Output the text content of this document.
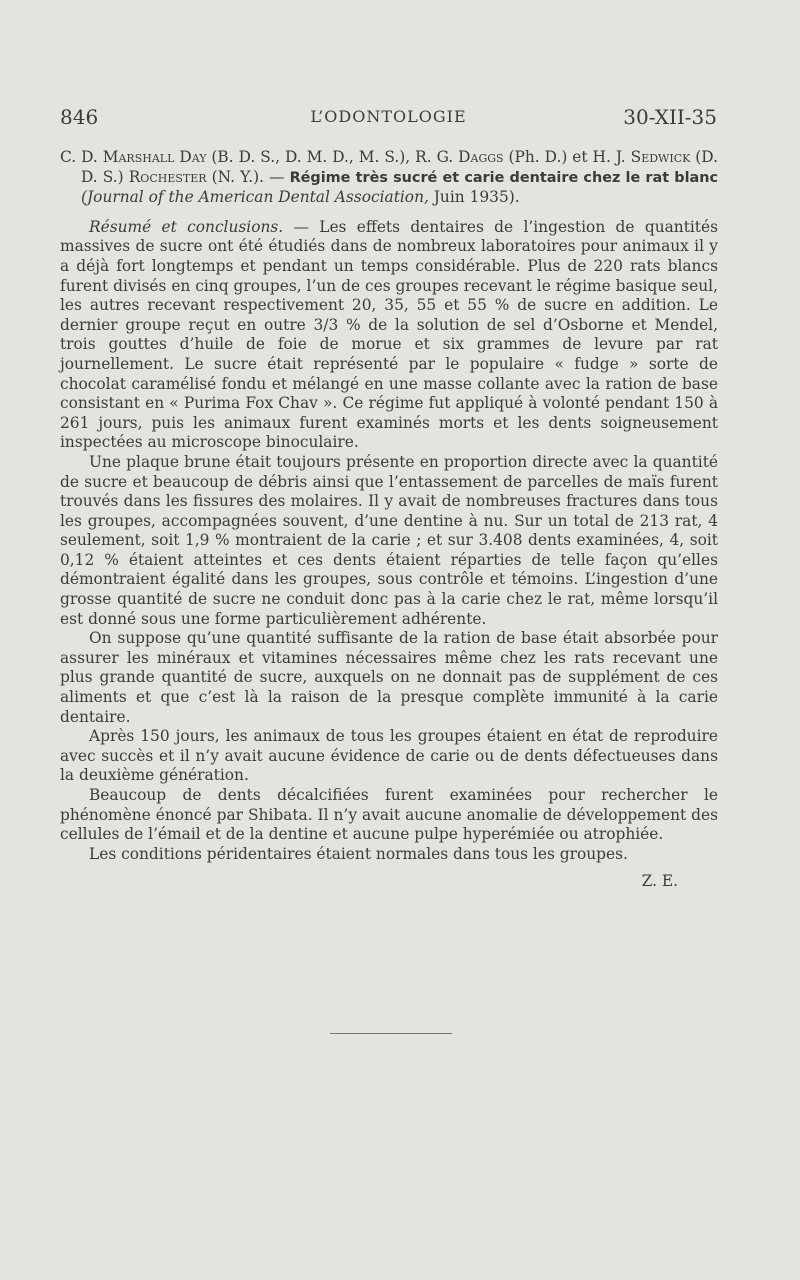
846	L’ODONTOLOGIE	30-XII-35

C. D. Marshall Day (B. D. S., D. M. D., M. S.), R. G. Daggs (Ph. D.) et H. J. Sedwick (D. D. S.) Rochester (N. Y.). — Régime très sucré et carie dentaire chez le rat blanc (Journal of the American Dental Association, Juin 1935).

Résumé et conclusions. — Les effets dentaires de l’ingestion de quantités massives de sucre ont été étudiés dans de nombreux laboratoires pour animaux il y a déjà fort longtemps et pendant un temps considérable. Plus de 220 rats blancs furent divisés en cinq groupes, l’un de ces groupes recevant le régime basique seul, les autres recevant respectivement 20, 35, 55 et 55 % de sucre en addition. Le dernier groupe reçut en outre 3/3 % de la solution de sel d’Osborne et Mendel, trois gouttes d’huile de foie de morue et six grammes de levure par rat journellement. Le sucre était représenté par le populaire « fudge » sorte de chocolat caramélisé fondu et mélangé en une masse collante avec la ration de base consistant en « Purima Fox Chav ». Ce régime fut appliqué à volonté pendant 150 à 261 jours, puis les animaux furent examinés morts et les dents soigneusement inspectées au microscope binoculaire.

Une plaque brune était toujours présente en proportion directe avec la quantité de sucre et beaucoup de débris ainsi que l’entassement de parcelles de maïs furent trouvés dans les fissures des molaires. Il y avait de nombreuses fractures dans tous les groupes, accompagnées souvent, d’une dentine à nu. Sur un total de 213 rat, 4 seulement, soit 1,9 % montraient de la carie ; et sur 3.408 dents examinées, 4, soit 0,12 % étaient atteintes et ces dents étaient réparties de telle façon qu’elles démontraient égalité dans les groupes, sous contrôle et témoins. L’ingestion d’une grosse quantité de sucre ne conduit donc pas à la carie chez le rat, même lorsqu’il est donné sous une forme particulièrement adhérente.

On suppose qu’une quantité suffisante de la ration de base était absorbée pour assurer les minéraux et vitamines nécessaires même chez les rats recevant une plus grande quantité de sucre, auxquels on ne donnait pas de supplément de ces aliments et que c’est là la raison de la presque complète immunité à la carie dentaire.

Après 150 jours, les animaux de tous les groupes étaient en état de reproduire avec succès et il n’y avait aucune évidence de carie ou de dents défectueuses dans la deuxième génération.

Beaucoup de dents décalcifiées furent examinées pour rechercher le phénomène énoncé par Shibata. Il n’y avait aucune anomalie de développement des cellules de l’émail et de la dentine et aucune pulpe hyperémiée ou atrophiée.

Les conditions péridentaires étaient normales dans tous les groupes.

Z. E.
